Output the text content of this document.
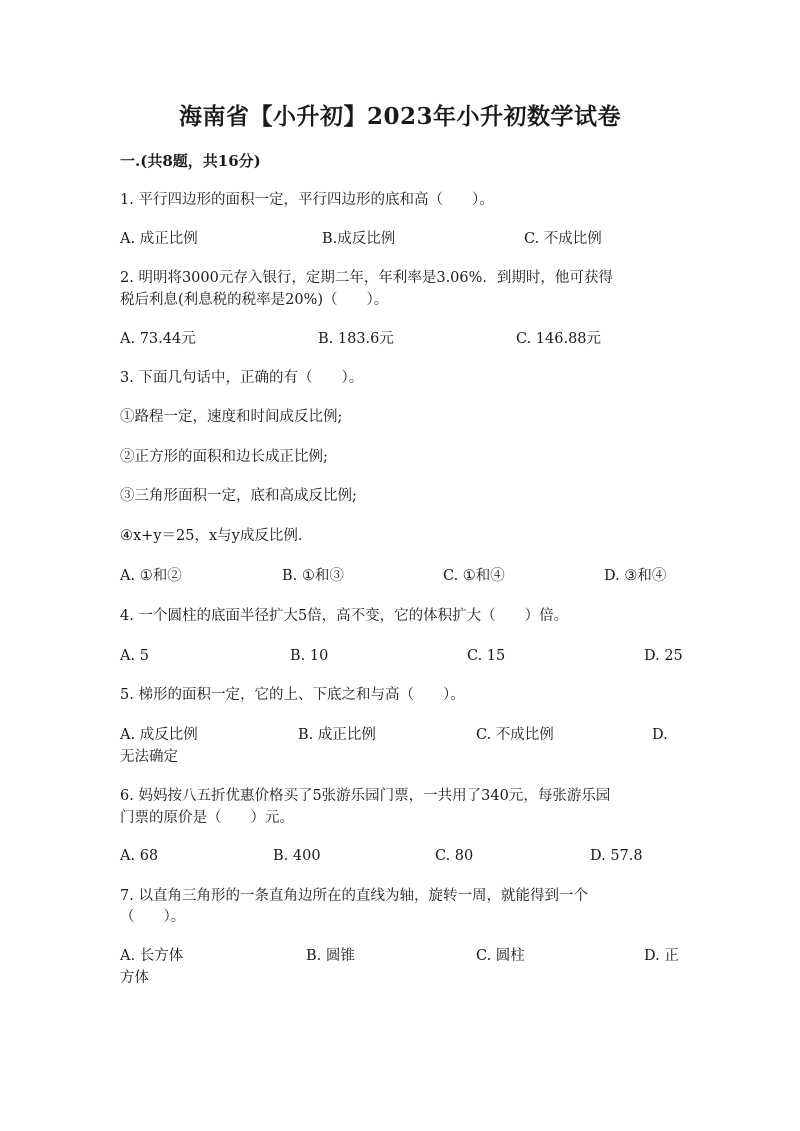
海南省【小升初】2023年小升初数学试卷
一.(共8题，共16分)
1. 平行四边形的面积一定，平行四边形的底和高（　　）。
A. 成正比例	B.成反比例	C. 不成比例
2. 明明将3000元存入银行，定期二年，年利率是3.06%．到期时，他可获得
税后利息(利息税的税率是20%)（　　）。
A. 73.44元	B. 183.6元	C. 146.88元
3. 下面几句话中，正确的有（　　）。
①路程一定，速度和时间成反比例;
②正方形的面积和边长成正比例;
③三角形面积一定，底和高成反比例;
④x+y＝25，x与y成反比例.
A. ①和②	B. ①和③	C. ①和④	D. ③和④
4. 一个圆柱的底面半径扩大5倍，高不变，它的体积扩大（　　）倍。
A. 5	B. 10	C. 15	D. 25
5. 梯形的面积一定，它的上、下底之和与高（　　）。
A. 成反比例	B. 成正比例	C. 不成比例	D.
无法确定
6. 妈妈按八五折优惠价格买了5张游乐园门票，一共用了340元，每张游乐园
门票的原价是（　　）元。
A. 68	B. 400	C. 80	D. 57.8
7. 以直角三角形的一条直角边所在的直线为轴，旋转一周，就能得到一个
（　　）。
A. 长方体	B. 圆锥	C. 圆柱	D. 正
方体
